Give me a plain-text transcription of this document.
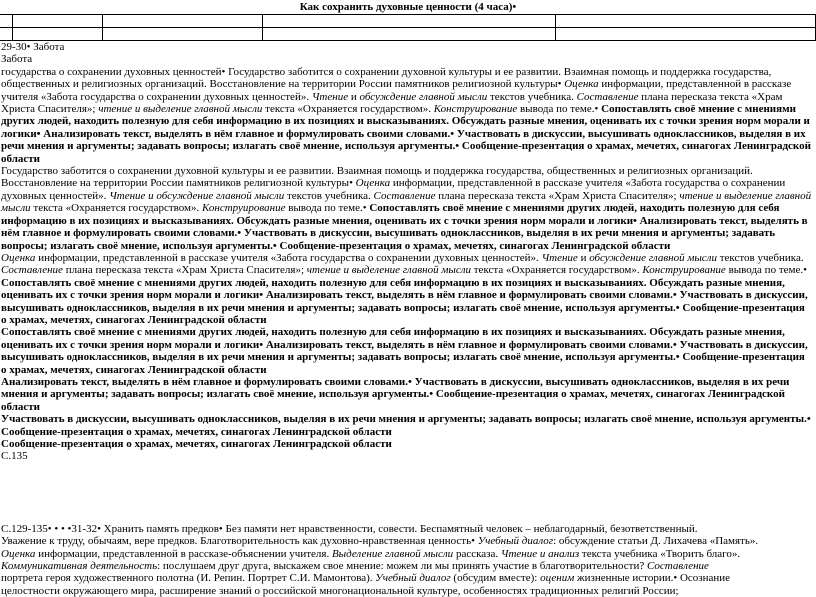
Как сохранить духовные ценности (4 часа)•

29-30• Забота

Забота

государства о сохранении духовных ценностей• Государство заботится о сохранении духовной культуры и ее развитии. Взаимная помощь и поддержка государства, общественных и религиозных организаций. Восстановление на территории России памятников религиозной культуры• Оценка информации, представленной в рассказе учителя «Забота государства о сохранении духовных ценностей». Чтение и обсуждение главной мысли текстов учебника. Составление плана пересказа текста «Храм Христа Спасителя»; чтение и выделение главной мысли текста «Охраняется государством». Конструирование вывода по теме.• Сопоставлять своё мнение с мнениями других людей, находить полезную для себя информацию в их позициях и высказываниях. Обсуждать разные мнения, оценивать их с точки зрения норм морали и логики• Анализировать текст, выделять в нём главное и формулировать своими словами.• Участвовать в дискуссии, высушивать одноклассников, выделяя в их речи мнения и аргументы; задавать вопросы; излагать своё мнение, используя аргументы.• Сообщение-презентация о храмах, мечетях, синагогах Ленинградской области

Государство заботится о сохранении духовной культуры и ее развитии. Взаимная помощь и поддержка государства, общественных и религиозных организаций. Восстановление на территории России памятников религиозной культуры• Оценка информации, представленной в рассказе учителя «Забота государства о сохранении духовных ценностей». Чтение и обсуждение главной мысли текстов учебника. Составление плана пересказа текста «Храм Христа Спасителя»; чтение и выделение главной мысли текста «Охраняется государством». Конструирование вывода по теме.• Сопоставлять своё мнение с мнениями других людей, находить полезную для себя информацию в их позициях и высказываниях. Обсуждать разные мнения, оценивать их с точки зрения норм морали и логики• Анализировать текст, выделять в нём главное и формулировать своими словами.• Участвовать в дискуссии, высушивать одноклассников, выделяя в их речи мнения и аргументы; задавать вопросы; излагать своё мнение, используя аргументы.• Сообщение-презентация о храмах, мечетях, синагогах Ленинградской области

Оценка информации, представленной в рассказе учителя «Забота государства о сохранении духовных ценностей». Чтение и обсуждение главной мысли текстов учебника. Составление плана пересказа текста «Храм Христа Спасителя»; чтение и выделение главной мысли текста «Охраняется государством». Конструирование вывода по теме.• Сопоставлять своё мнение с мнениями других людей, находить полезную для себя информацию в их позициях и высказываниях. Обсуждать разные мнения, оценивать их с точки зрения норм морали и логики• Анализировать текст, выделять в нём главное и формулировать своими словами.• Участвовать в дискуссии, высушивать одноклассников, выделяя в их речи мнения и аргументы; задавать вопросы; излагать своё мнение, используя аргументы.• Сообщение-презентация о храмах, мечетях, синагогах Ленинградской области

Сопоставлять своё мнение с мнениями других людей, находить полезную для себя информацию в их позициях и высказываниях. Обсуждать разные мнения, оценивать их с точки зрения норм морали и логики• Анализировать текст, выделять в нём главное и формулировать своими словами.• Участвовать в дискуссии, высушивать одноклассников, выделяя в их речи мнения и аргументы; задавать вопросы; излагать своё мнение, используя аргументы.• Сообщение-презентация о храмах, мечетях, синагогах Ленинградской области

Анализировать текст, выделять в нём главное и формулировать своими словами.• Участвовать в дискуссии, высушивать одноклассников, выделяя в их речи мнения и аргументы; задавать вопросы; излагать своё мнение, используя аргументы.• Сообщение-презентация о храмах, мечетях, синагогах Ленинградской области

Участвовать в дискуссии, высушивать одноклассников, выделяя в их речи мнения и аргументы; задавать вопросы; излагать своё мнение, используя аргументы.• Сообщение-презентация о храмах, мечетях, синагогах Ленинградской области

Сообщение-презентация о храмах, мечетях, синагогах Ленинградской области

С.135

С.129-135• • • •31-32• Хранить память предков• Без памяти нет нравственности, совести. Беспамятный человек – неблагодарный, безответственный.

Уважение к труду, обычаям, вере предков. Благотворительность как духовно-нравственная ценность• Учебный диалог: обсуждение статьи Д. Лихачева «Память».

Оценка информации, представленной в рассказе-объяснении учителя. Выделение главной мысли рассказа. Чтение и анализ текста учебника «Творить благо».

Коммуникативная деятельность: послушаем друг друга, выскажем свое мнение: можем ли мы принять участие в благотворительности? Составление

портрета героя художественного полотна (И. Репин. Портрет С.И. Мамонтова). Учебный диалог (обсудим вместе): оценим жизненные истории.• Осознание

целостности окружающего мира, расширение знаний о российской многонациональной культуре, особенностях традиционных религий России;
